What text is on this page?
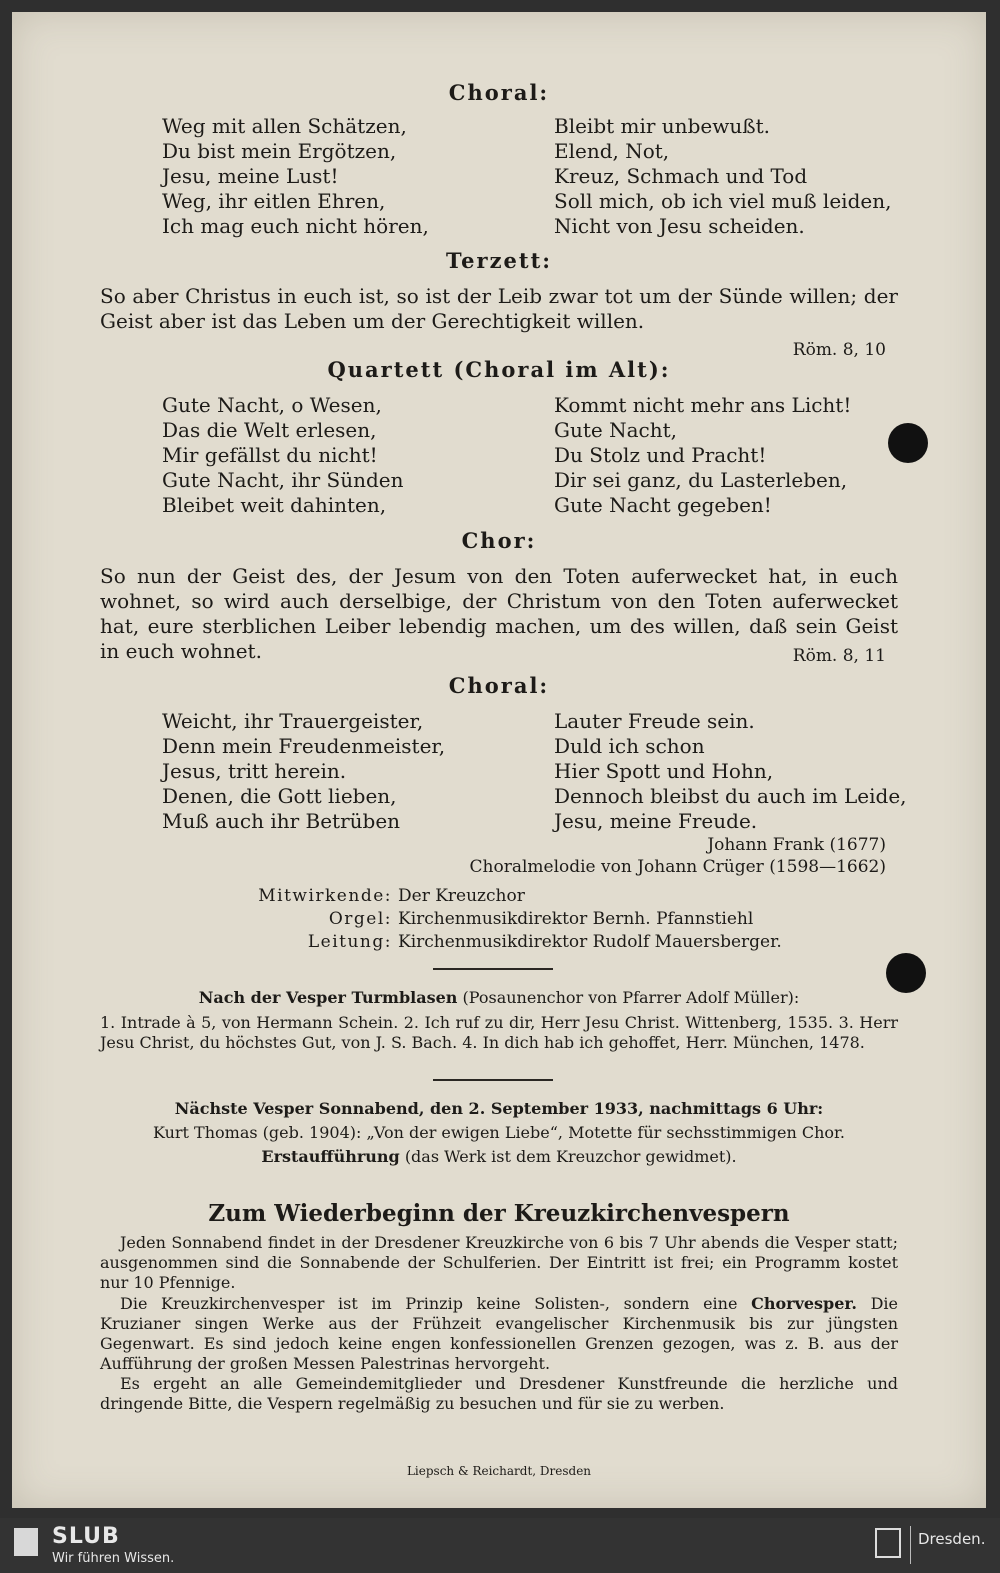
Choral:
Weg mit allen Schätzen,
Du bist mein Ergötzen,
Jesu, meine Lust!
Weg, ihr eitlen Ehren,
Ich mag euch nicht hören,
Bleibt mir unbewußt.
Elend, Not,
Kreuz, Schmach und Tod
Soll mich, ob ich viel muß leiden,
Nicht von Jesu scheiden.
Terzett:
So aber Christus in euch ist, so ist der Leib zwar tot um der Sünde willen; der Geist aber ist das Leben um der Gerechtigkeit willen.
Röm. 8, 10
Quartett (Choral im Alt):
Gute Nacht, o Wesen,
Das die Welt erlesen,
Mir gefällst du nicht!
Gute Nacht, ihr Sünden
Bleibet weit dahinten,
Kommt nicht mehr ans Licht!
Gute Nacht,
Du Stolz und Pracht!
Dir sei ganz, du Lasterleben,
Gute Nacht gegeben!
Chor:
So nun der Geist des, der Jesum von den Toten auferwecket hat, in euch wohnet, so wird auch derselbige, der Christum von den Toten auferwecket hat, eure sterblichen Leiber lebendig machen, um des willen, daß sein Geist in euch wohnet.	Röm. 8, 11
Choral:
Weicht, ihr Trauergeister,
Denn mein Freudenmeister,
Jesus, tritt herein.
Denen, die Gott lieben,
Muß auch ihr Betrüben
Lauter Freude sein.
Duld ich schon
Hier Spott und Hohn,
Dennoch bleibst du auch im Leide,
Jesu, meine Freude.
Johann Frank (1677)
Choralmelodie von Johann Crüger (1598—1662)
Mitwirkende: Der Kreuzchor
Orgel: Kirchenmusikdirektor Bernh. Pfannstiehl
Leitung: Kirchenmusikdirektor Rudolf Mauersberger.
Nach der Vesper Turmblasen (Posaunenchor von Pfarrer Adolf Müller):
1. Intrade à 5, von Hermann Schein. 2. Ich ruf zu dir, Herr Jesu Christ. Wittenberg, 1535. 3. Herr Jesu Christ, du höchstes Gut, von J. S. Bach. 4. In dich hab ich gehoffet, Herr. München, 1478.
Nächste Vesper Sonnabend, den 2. September 1933, nachmittags 6 Uhr:
Kurt Thomas (geb. 1904): „Von der ewigen Liebe“, Motette für sechsstimmigen Chor.
Erstaufführung (das Werk ist dem Kreuzchor gewidmet).
Zum Wiederbeginn der Kreuzkirchenvespern
Jeden Sonnabend findet in der Dresdener Kreuzkirche von 6 bis 7 Uhr abends die Vesper statt; ausgenommen sind die Sonnabende der Schulferien. Der Eintritt ist frei; ein Programm kostet nur 10 Pfennige.
Die Kreuzkirchenvesper ist im Prinzip keine Solisten-, sondern eine Chorvesper. Die Kruzianer singen Werke aus der Frühzeit evangelischer Kirchenmusik bis zur jüngsten Gegenwart. Es sind jedoch keine engen konfessionellen Grenzen gezogen, was z. B. aus der Aufführung der großen Messen Palestrinas hervorgeht.
Es ergeht an alle Gemeindemitglieder und Dresdener Kunstfreunde die herzliche und dringende Bitte, die Vespern regelmäßig zu besuchen und für sie zu werben.
Liepsch & Reichardt, Dresden
SLUB
Wir führen Wissen.
Dresden.
